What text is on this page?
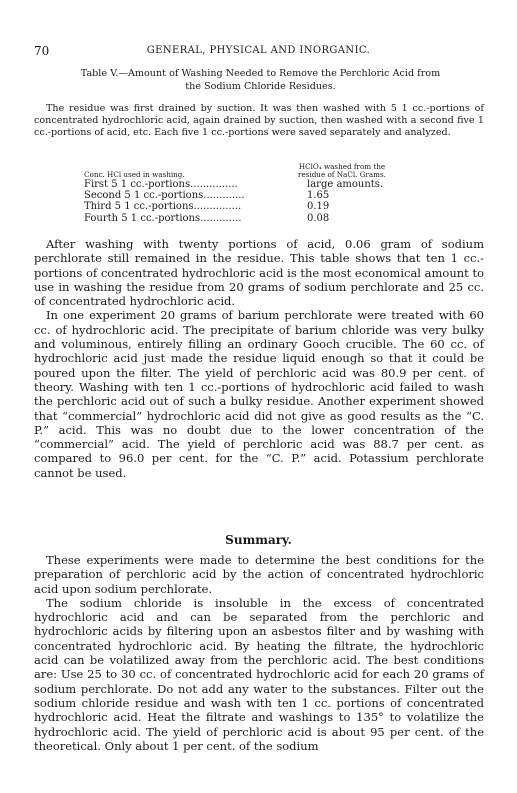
70	GENERAL, PHYSICAL AND INORGANIC.
Table V.—Amount of Washing Needed to Remove the Perchloric Acid from
the Sodium Chloride Residues.

The residue was first drained by suction. It was then washed with 5 1 cc.-portions of concentrated hydrochloric acid, again drained by suction, then washed with a second five 1 cc.-portions of acid, etc. Each five 1 cc.-portions were saved separately and analyzed.

Conc. HCl used in washing.	HClO₄ washed from the
residue of NaCl. Grams.

First 5 1 cc.-portions...............	large amounts.
Second 5 1 cc.-portions.............	1.65
Third 5 1 cc.-portions...............	0.19
Fourth 5 1 cc.-portions.............	0.08

After washing with twenty portions of acid, 0.06 gram of sodium perchlorate still remained in the residue. This table shows that ten 1 cc.-portions of concentrated hydrochloric acid is the most economical amount to use in washing the residue from 20 grams of sodium perchlorate and 25 cc. of concentrated hydrochloric acid.

In one experiment 20 grams of barium perchlorate were treated with 60 cc. of hydrochloric acid. The precipitate of barium chloride was very bulky and voluminous, entirely filling an ordinary Gooch crucible. The 60 cc. of hydrochloric acid just made the residue liquid enough so that it could be poured upon the filter. The yield of perchloric acid was 80.9 per cent. of theory. Washing with ten 1 cc.-portions of hydrochloric acid failed to wash the perchloric acid out of such a bulky residue. Another experiment showed that “commercial” hydrochloric acid did not give as good results as the “C. P.” acid. This was no doubt due to the lower concentration of the “commercial” acid. The yield of perchloric acid was 88.7 per cent. as compared to 96.0 per cent. for the “C. P.” acid. Potassium perchlorate cannot be used.

Summary.

These experiments were made to determine the best conditions for the preparation of perchloric acid by the action of concentrated hydrochloric acid upon sodium perchlorate.

The sodium chloride is insoluble in the excess of concentrated hydrochloric acid and can be separated from the perchloric and hydrochloric acids by filtering upon an asbestos filter and by washing with concentrated hydrochloric acid. By heating the filtrate, the hydrochloric acid can be volatilized away from the perchloric acid. The best conditions are: Use 25 to 30 cc. of concentrated hydrochloric acid for each 20 grams of sodium perchlorate. Do not add any water to the substances. Filter out the sodium chloride residue and wash with ten 1 cc. portions of concentrated hydrochloric acid. Heat the filtrate and washings to 135° to volatilize the hydrochloric acid. The yield of perchloric acid is about 95 per cent. of the theoretical. Only about 1 per cent. of the sodium
